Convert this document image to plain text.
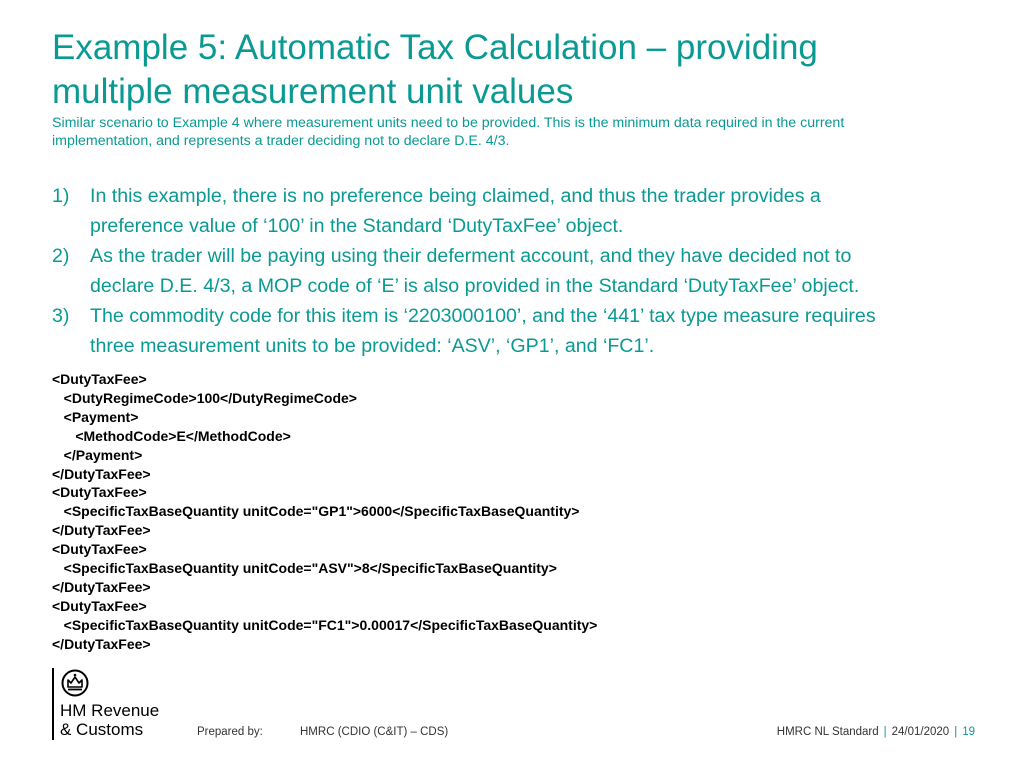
Example 5: Automatic Tax Calculation – providing
multiple measurement unit values

Similar scenario to Example 4 where measurement units need to be provided. This is the minimum data required in the current
implementation, and represents a trader deciding not to declare D.E. 4/3.

1) In this example, there is no preference being claimed, and thus the trader provides a
preference value of ‘100’ in the Standard ‘DutyTaxFee’ object.
2) As the trader will be paying using their deferment account, and they have decided not to
declare D.E. 4/3, a MOP code of ‘E’ is also provided in the Standard ‘DutyTaxFee’ object.
3) The commodity code for this item is ‘2203000100’, and the ‘441’ tax type measure requires
three measurement units to be provided: ‘ASV’, ‘GP1’, and ‘FC1’.
<DutyTaxFee>
<DutyRegimeCode>100</DutyRegimeCode>
<Payment>
<MethodCode>E</MethodCode>
</Payment>
</DutyTaxFee>
<DutyTaxFee>
<SpecificTaxBaseQuantity unitCode="GP1">6000</SpecificTaxBaseQuantity>
</DutyTaxFee>
<DutyTaxFee>
<SpecificTaxBaseQuantity unitCode="ASV">8</SpecificTaxBaseQuantity>
</DutyTaxFee>
<DutyTaxFee>
<SpecificTaxBaseQuantity unitCode="FC1">0.00017</SpecificTaxBaseQuantity>
</DutyTaxFee>
HM Revenue
& Customs	Prepared by:	HMRC (CDIO (C&IT) – CDS)	HMRC NL Standard | 24/01/2020 | 19
